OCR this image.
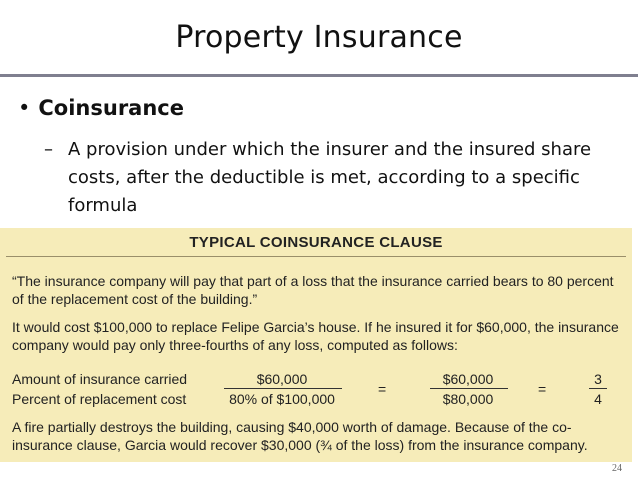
Property Insurance
• Coinsurance
– A provision under which the insurer and the insured share costs, after the deductible is met, according to a specific formula
TYPICAL COINSURANCE CLAUSE
“The insurance company will pay that part of a loss that the insurance carried bears to 80 percent of the replacement cost of the building.”
It would cost $100,000 to replace Felipe Garcia’s house. If he insured it for $60,000, the insurance company would pay only three-fourths of any loss, computed as follows:
Amount of insurance carried
Percent of replacement cost
$60,000
80% of $100,000
=
$60,000
$80,000
=
3
4
A fire partially destroys the building, causing $40,000 worth of damage. Because of the co-insurance clause, Garcia would recover $30,000 (¾ of the loss) from the insurance company.
24
